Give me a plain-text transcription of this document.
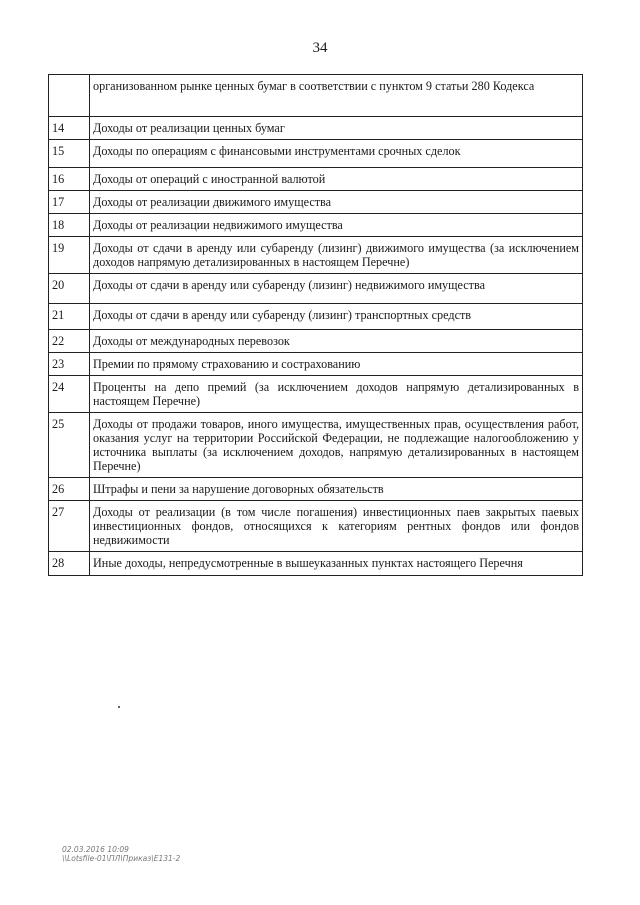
34
	организованном рынке ценных бумаг в соответствии с пунктом 9 статьи 280 Кодекса
14	Доходы от реализации ценных бумаг
15	Доходы по операциям с финансовыми инструментами срочных сделок
16	Доходы от операций с иностранной валютой
17	Доходы от реализации движимого имущества
18	Доходы от реализации недвижимого имущества
19	Доходы от сдачи в аренду или субаренду (лизинг) движимого имущества (за исключением доходов напрямую детализированных в настоящем Перечне)
20	Доходы от сдачи в аренду или субаренду (лизинг) недвижимого имущества
21	Доходы от сдачи в аренду или субаренду (лизинг) транспортных средств
22	Доходы от международных перевозок
23	Премии по прямому страхованию и сострахованию
24	Проценты на депо премий (за исключением доходов напрямую детализированных в настоящем Перечне)
25	Доходы от продажи товаров, иного имущества, имущественных прав, осуществления работ, оказания услуг на территории Российской Федерации, не подлежащие налогообложению у источника выплаты (за исключением доходов, напрямую детализированных в настоящем Перечне)
26	Штрафы и пени за нарушение договорных обязательств
27	Доходы от реализации (в том числе погашения) инвестиционных паев закрытых паевых инвестиционных фондов, относящихся к категориям рентных фондов или фондов недвижимости
28	Иные доходы, непредусмотренные в вышеуказанных пунктах настоящего Перечня
02.03.2016 10:09
\\Lotsfile-01\ПЛ\Приказ\Е131-2
